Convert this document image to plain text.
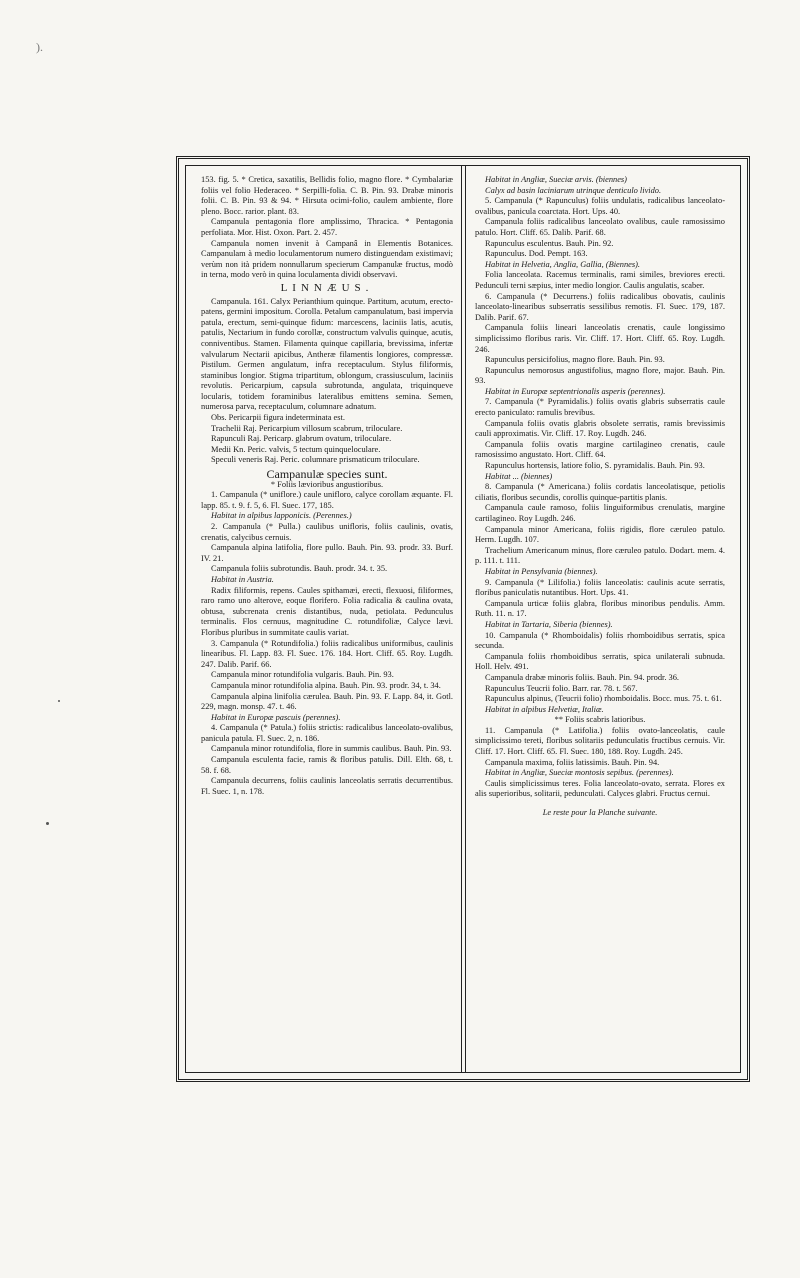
).

153. fig. 5. * Cretica, saxatilis, Bellidis folio, magno flore. * Cymbalariæ foliis vel folio Hederaceo. * Serpilli-folia. C. B. Pin. 93. Drabæ minoris folii. C. B. Pin. 93 & 94. * Hirsuta ocimi-folio, caulem ambiente, flore pleno. Bocc. rarior. plant. 83.

Campanula pentagonia flore amplissimo, Thracica. * Pentagonia perfoliata. Mor. Hist. Oxon. Part. 2. 457.

Campanula nomen invenit à Campanâ in Elementis Botanices. Campanulam à medio loculamentorum numero distinguendam existimavi; verùm non ità pridem nonnullarum specierum Campanulæ fructus, modò in terna, modo verò in quina loculamenta dividi observavi.

LINNÆUS.

Campanula. 161. Calyx Perianthium quinque. Partitum, acutum, erecto-patens, germini impositum. Corolla. Petalum campanulatum, basi impervia patula, erectum, semi-quinque fidum: marcescens, laciniis latis, acutis, patulis, Nectarium in fundo corollæ, constructum valvulis quinque, acutis, conniventibus. Stamen. Filamenta quinque capillaria, brevissima, infertæ valvularum Nectarii apicibus, Antheræ filamentis longiores, compressæ. Pistilum. Germen angulatum, infra receptaculum. Stylus filiformis, staminibus longior. Stigma tripartitum, oblongum, crassiusculum, laciniis revolutis. Pericarpium, capsula subrotunda, angulata, triquinqueve locularis, totidem foraminibus lateralibus emittens semina. Semen, numerosa parva, receptaculum, columnare adnatum.

Obs. Pericarpii figura indeterminata est.

Trachelii Raj. Pericarpium villosum scabrum, triloculare.

Rapunculi Raj. Pericarp. glabrum ovatum, triloculare.

Medii Kn. Peric. valvis, 5 tectum quinqueloculare.

Speculi veneris Raj. Peric. columnare prismaticum triloculare.

Campanulæ species sunt.

* Foliis lævioribus angustioribus.

1. Campanula (* uniflore.) caule unifloro, calyce corollam æquante. Fl. lapp. 85. t. 9. f. 5, 6. Fl. Suec. 177, 185.

Habitat in alpibus lapponicis. (Perennes.)

2. Campanula (* Pulla.) caulibus unifloris, foliis caulinis, ovatis, crenatis, calycibus cernuis.

Campanula alpina latifolia, flore pullo. Bauh. Pin. 93. prodr. 33. Burf. IV. 21.

Campanula foliis subrotundis. Bauh. prodr. 34. t. 35.

Habitat in Austria.

Radix filiformis, repens. Caules spithamæi, erecti, flexuosi, filiformes, raro ramo uno alterove, eoque florifero. Folia radicalia & caulina ovata, obtusa, subcrenata crenis distantibus, nuda, petiolata. Pedunculus terminalis. Flos cernuus, magnitudine C. rotundifoliæ, Calyce lævi. Floribus pluribus in summitate caulis variat.

3. Campanula (* Rotundifolia.) foliis radicalibus uniformibus, caulinis linearibus. Fl. Lapp. 83. Fl. Suec. 176. 184. Hort. Cliff. 65. Roy. Lugdh. 247. Dalib. Parif. 66.

Campanula minor rotundifolia vulgaris. Bauh. Pin. 93.

Campanula minor rotundifolia alpina. Bauh. Pin. 93. prodr. 34, t. 34.

Campanula alpina linifolia cærulea. Bauh. Pin. 93. F. Lapp. 84, it. Gotl. 229, magn. monsp. 47. t. 46.

Habitat in Europæ pascuis (perennes).

4. Campanula (* Patula.) foliis strictis: radicalibus lanceolato-ovalibus, panicula patula. Fl. Suec. 2, n. 186.

Campanula minor rotundifolia, flore in summis caulibus. Bauh. Pin. 93.

Campanula esculenta facie, ramis & floribus patulis. Dill. Elth. 68, t. 58. f. 68.

Campanula decurrens, foliis caulinis lanceolatis serratis decurrentibus. Fl. Suec. 1, n. 178.

Habitat in Angliæ, Sueciæ arvis. (biennes)

Calyx ad basin laciniarum utrinque denticulo livido.

5. Campanula (* Rapunculus) foliis undulatis, radicalibus lanceolato-ovalibus, panicula coarctata. Hort. Ups. 40.

Campanula foliis radicalibus lanceolato ovalibus, caule ramosissimo patulo. Hort. Cliff. 65. Dalib. Parif. 68.

Rapunculus esculentus. Bauh. Pin. 92.

Rapunculus. Dod. Pempt. 163.

Habitat in Helvetia, Anglia, Gallia, (Biennes).

Folia lanceolata. Racemus terminalis, rami similes, breviores erecti. Pedunculi terni sæpius, inter medio longior. Caulis angulatis, scaber.

6. Campanula (* Decurrens.) foliis radicalibus obovatis, caulinis lanceolato-linearibus subserratis sessilibus remotis. Fl. Suec. 179, 187. Dalib. Parif. 67.

Campanula foliis lineari lanceolatis crenatis, caule longissimo simplicissimo floribus raris. Vir. Cliff. 17. Hort. Cliff. 65. Roy. Lugdh. 246.

Rapunculus persicifolius, magno flore. Bauh. Pin. 93.

Rapunculus nemorosus angustifolius, magno flore, major. Bauh. Pin. 93.

Habitat in Europæ septentrionalis asperis (perennes).

7. Campanula (* Pyramidalis.) foliis ovatis glabris subserratis caule erecto paniculato: ramulis brevibus.

Campanula foliis ovatis glabris obsolete serratis, ramis brevissimis cauli approximatis. Vir. Cliff. 17. Roy. Lugdh. 246.

Campanula foliis ovatis margine cartilagineo crenatis, caule ramosissimo angustato. Hort. Cliff. 64.

Rapunculus hortensis, latiore folio, S. pyramidalis. Bauh. Pin. 93.

Habitat ... (biennes)

8. Campanula (* Americana.) foliis cordatis lanceolatisque, petiolis ciliatis, floribus secundis, corollis quinque-partitis planis.

Campanula caule ramoso, foliis linguiformibus crenulatis, margine cartilagineo. Roy Lugdh. 246.

Campanula minor Americana, foliis rigidis, flore cæruleo patulo. Herm. Lugdh. 107.

Trachelium Americanum minus, flore cæruleo patulo. Dodart. mem. 4. p. 111. t. 111.

Habitat in Pensylvania (biennes).

9. Campanula (* Lilifolia.) foliis lanceolatis: caulinis acute serratis, floribus paniculatis nutantibus. Hort. Ups. 41.

Campanula urticæ foliis glabra, floribus minoribus pendulis. Amm. Ruth. 11. n. 17.

Habitat in Tartaria, Siberia (biennes).

10. Campanula (* Rhomboidalis) foliis rhomboidibus serratis, spica secunda.

Campanula foliis rhomboidibus serratis, spica unilaterali subnuda. Holl. Helv. 491.

Campanula drabæ minoris foliis. Bauh. Pin. 94. prodr. 36.

Rapunculus Teucrii folio. Barr. rar. 78. t. 567.

Rapunculus alpinus, (Teucrii folio) rhomboidalis. Bocc. mus. 75. t. 61.

Habitat in alpibus Helvetiæ, Italiæ.

** Foliis scabris latioribus.

11. Campanula (* Latifolia.) foliis ovato-lanceolatis, caule simplicissimo tereti, floribus solitariis pedunculatis fructibus cernuis. Vir. Cliff. 17. Hort. Cliff. 65. Fl. Suec. 180, 188. Roy. Lugdh. 245.

Campanula maxima, foliis latissimis. Bauh. Pin. 94.

Habitat in Angliæ, Sueciæ montosis sepibus. (perennes).

Caulis simplicissimus teres. Folia lanceolato-ovato, serrata. Flores ex alis superioribus, solitarii, pedunculati. Calyces glabri. Fructus cernui.

Le reste pour la Planche suivante.
